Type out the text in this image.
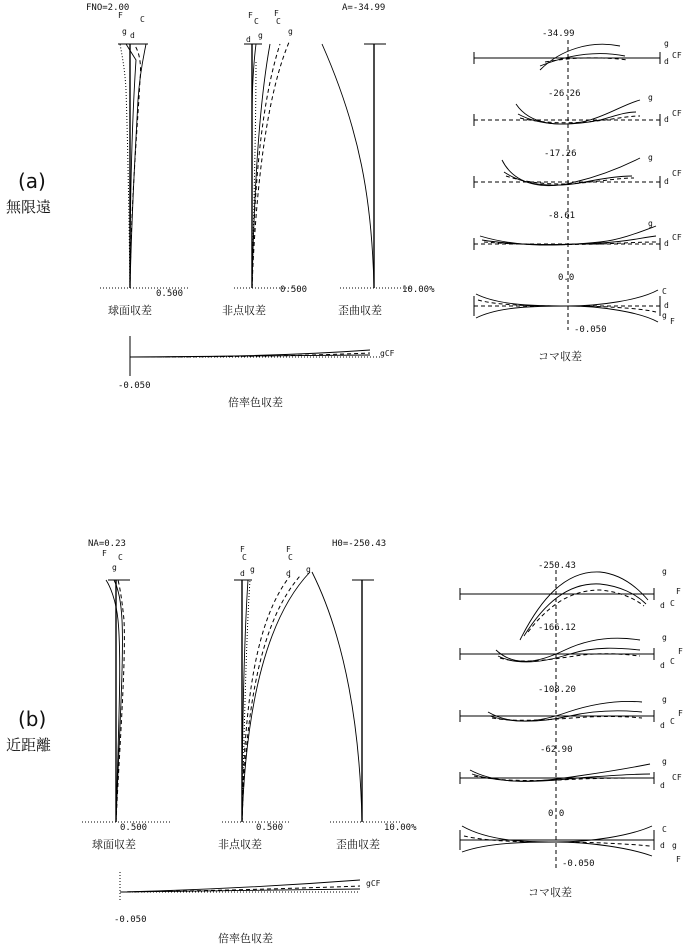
(a)
無限遠
FNO=2.00
F C
g d
0.500
球面収差
F
C
d g
F
C
g
0.500
非点収差
A=-34.99
10.00%
歪曲収差
gCF
-0.050
倍率色収差
-34.99
g
d
CF
-26.26	g
d
CF
-17.26	g
d
CF
-8.61
g
d
CF
0.0
C
d
g
F
-0.050
コマ収差
(b)
近距離
NA=0.23
F C
g
0.500
球面収差
F
C
d g
F
C
d g
0.500
非点収差
H0=-250.43
10.00%
歪曲収差
gCF
-0.050
倍率色収差
-250.43
g
F
d C
-166.12
g
d C
F
-108.20
g
d C
F
-62.90
g
d
CF
0.0
C
d g
F
-0.050
コマ収差
